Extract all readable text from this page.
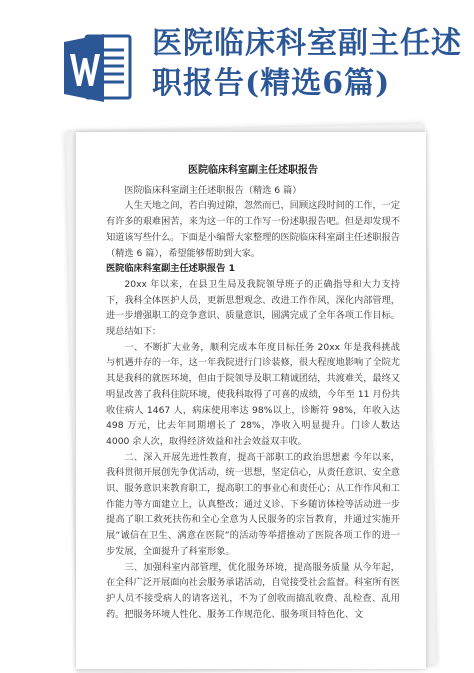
医院临床科室副主任述职报告(精选6篇)
医院临床科室副主任述职报告

医院临床科室副主任述职报告（精选 6 篇）

人生天地之间，若白驹过隙，忽然而已，回顾这段时间的工作，一定有许多的艰难困苦，来为这一年的工作写一份述职报告吧。但是却发现不知道该写些什么。下面是小编帮大家整理的医院临床科室副主任述职报告（精选 6 篇），希望能够帮助到大家。

医院临床科室副主任述职报告 1

20xx 年以来，在县卫生局及我院领导班子的正确指导和大力支持下，我科全体医护人员，更新思想观念、改进工作作风，深化内部管理，进一步增强职工的竞争意识、质量意识，圆满完成了全年各项工作目标。现总结如下：

一、不断扩大业务，顺利完成本年度目标任务 20xx 年是我科挑战与机遇并存的一年，这一年我院进行门诊装修，很大程度地影响了全院尤其是我科的就医环境，但由于院领导及职工精诚团结，共渡难关，最终又明显改善了我科住院环境，使我科取得了可喜的成绩，今年至 11 月份共收住病人 1467 人，病床使用率达 98%以上，诊断符 98%，年收入达 498 万元，比去年同期增长了 28%，净收入明显提升。门诊人数达 4000 余人次，取得经济效益和社会效益双丰收。

二、深入开展先进性教育，提高干部职工的政治思想素 今年以来，我科贯彻开展创先争优活动，统一思想，坚定信心，从责任意识、安全意识、服务意识来教育职工，提高职工的事业心和责任心；从工作作风和工作能力等方面建立上，认真整改；通过义诊、下乡随访体检等活动进一步提高了职工救死扶伤和全心全意为人民服务的宗旨教育，并通过实施开展“诚信在卫生、满意在医院”的活动等举措推动了医院各项工作的进一步发展，全面提升了科室形象。

三、加强科室内部管理，优化服务环境，提高服务质量 从今年起，在全科广泛开展面向社会服务承诺活动，自觉接受社会监督。科室所有医护人员不接受病人的请客送礼，不为了创收而搞乱收费、乱检查、乱用药。把服务环境人性化、服务工作规范化、服务项目特色化、文
